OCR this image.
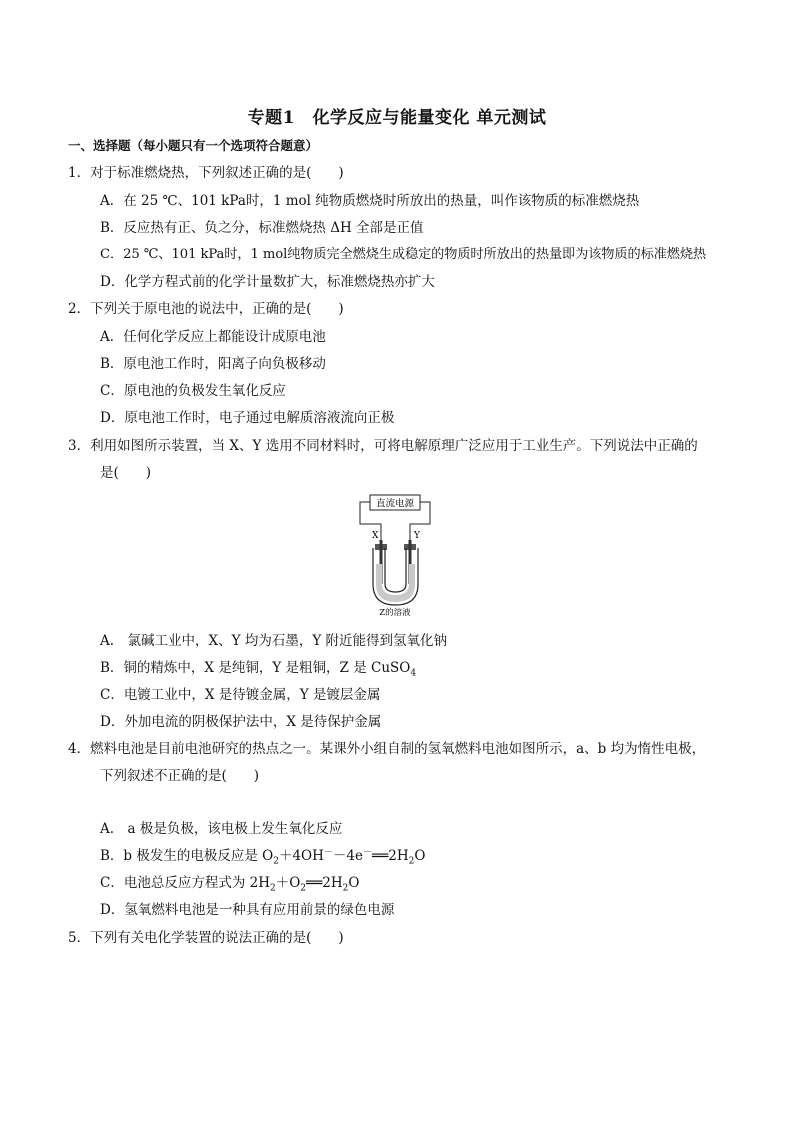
专题1　化学反应与能量变化 单元测试
一、选择题（每小题只有一个选项符合题意）
1．对于标准燃烧热，下列叙述正确的是(　　)
A．在 25 ℃、101 kPa时，1 mol 纯物质燃烧时所放出的热量，叫作该物质的标准燃烧热
B．反应热有正、负之分，标准燃烧热 ΔH 全部是正值
C．25 ℃、101 kPa时，1 mol纯物质完全燃烧生成稳定的物质时所放出的热量即为该物质的标准燃烧热
D．化学方程式前的化学计量数扩大，标准燃烧热亦扩大
2．下列关于原电池的说法中，正确的是(　　)
A．任何化学反应上都能设计成原电池
B．原电池工作时，阳离子向负极移动
C．原电池的负极发生氧化反应
D．原电池工作时，电子通过电解质溶液流向正极
3．利用如图所示装置，当 X、Y 选用不同材料时，可将电解原理广泛应用于工业生产。下列说法中正确的
是(　　)
直流电源
X	Y
Z的溶液
A.　氯碱工业中，X、Y 均为石墨，Y 附近能得到氢氧化钠
B．铜的精炼中，X 是纯铜，Y 是粗铜，Z 是 CuSO$_4$
C．电镀工业中，X 是待镀金属，Y 是镀层金属
D．外加电流的阴极保护法中，X 是待保护金属
4．燃料电池是目前电池研究的热点之一。某课外小组自制的氢氧燃料电池如图所示，a、b 均为惰性电极，
下列叙述不正确的是(　　)
A.　a 极是负极，该电极上发生氧化反应
B．b 极发生的电极反应是 $O_2+4OH^--4e^-══2H_2O$
C．电池总反应方程式为 $2H_2+O_2══2H_2O$
D．氢氧燃料电池是一种具有应用前景的绿色电源
5．下列有关电化学装置的说法正确的是(　　)
